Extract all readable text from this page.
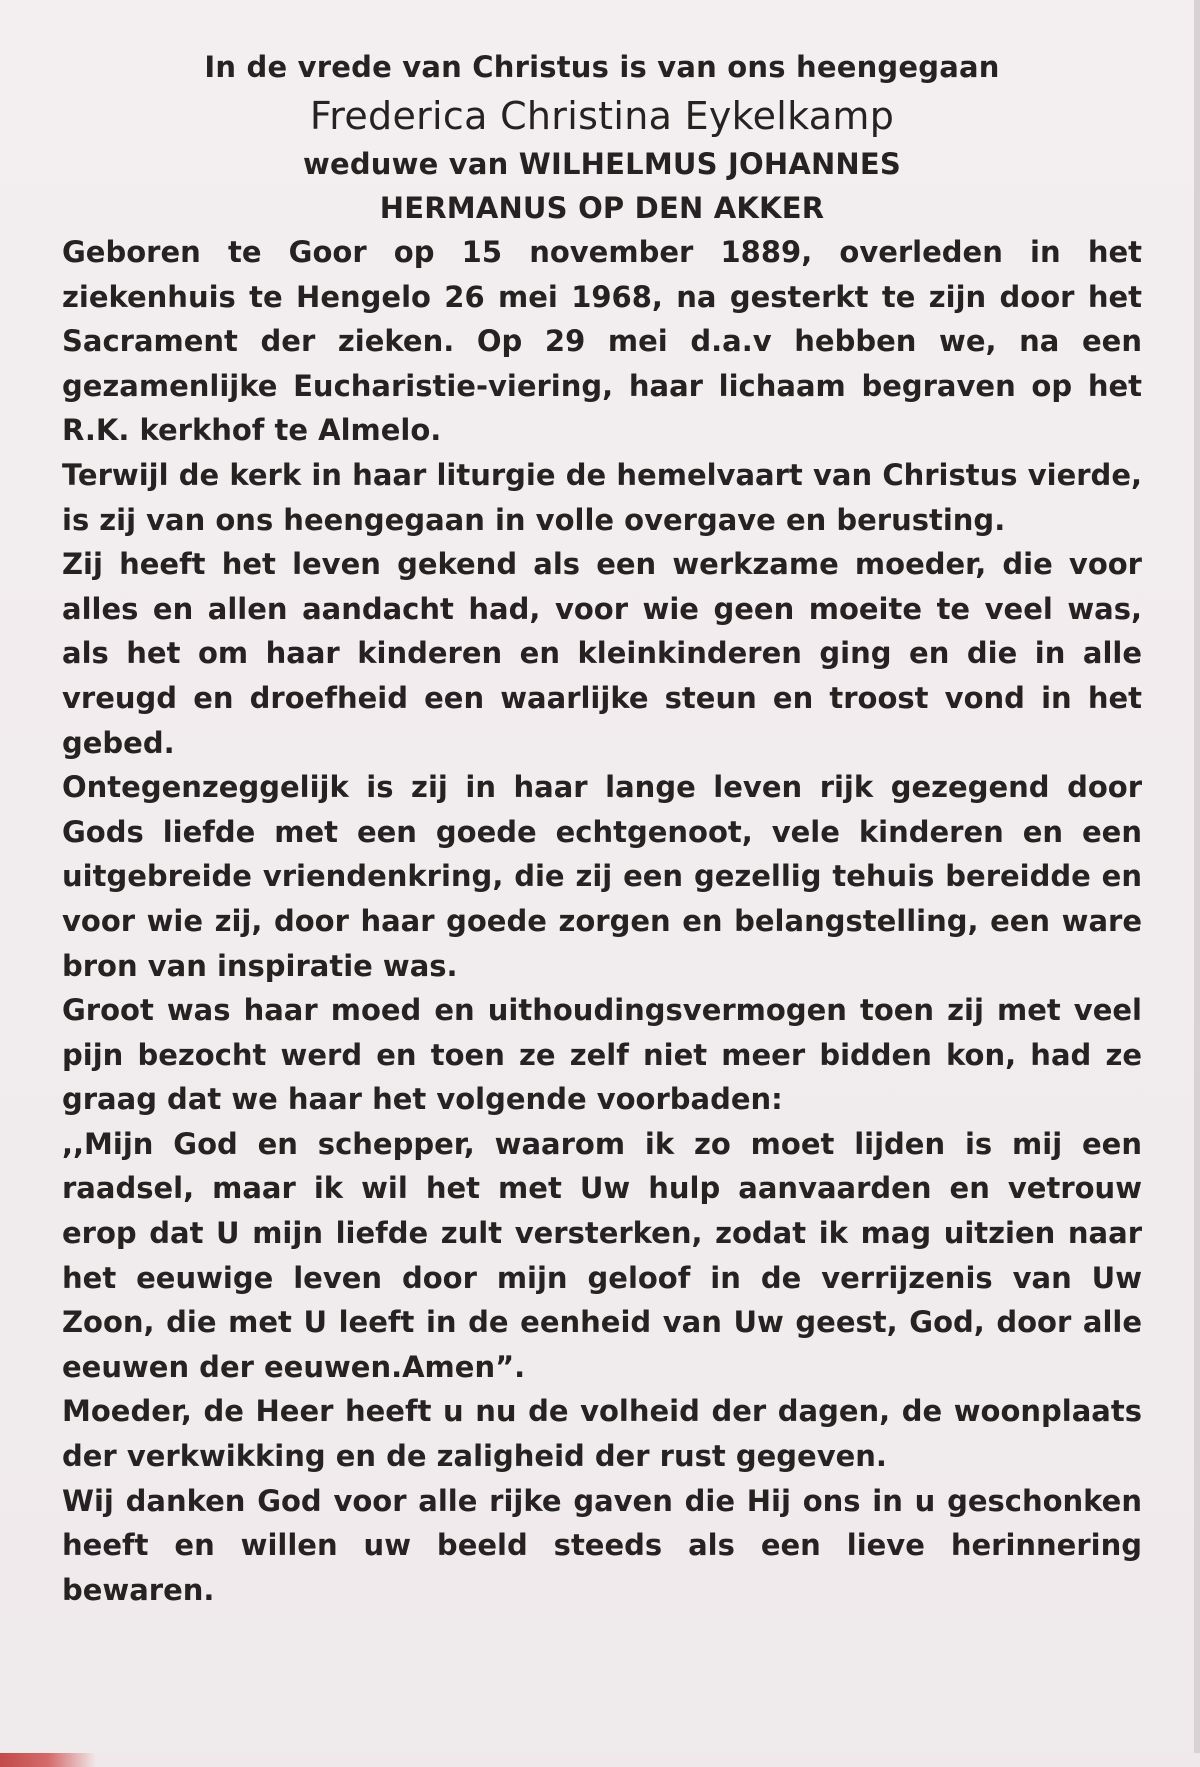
In de vrede van Christus is van ons heengegaan

Frederica Christina Eykelkamp

weduwe van WILHELMUS JOHANNES

HERMANUS OP DEN AKKER

Geboren te Goor op 15 november 1889, overleden in het ziekenhuis te Hengelo 26 mei 1968, na gesterkt te zijn door het Sacrament der zieken. Op 29 mei d.a.v hebben we, na een gezamenlijke Eucharistie-viering, haar lichaam begraven op het R.K. kerkhof te Almelo.

Terwijl de kerk in haar liturgie de hemelvaart van Christus vierde, is zij van ons heengegaan in volle overgave en berusting.

Zij heeft het leven gekend als een werkzame moeder, die voor alles en allen aandacht had, voor wie geen moeite te veel was, als het om haar kinderen en kleinkinderen ging en die in alle vreugd en droefheid een waarlijke steun en troost vond in het gebed.

Ontegenzeggelijk is zij in haar lange leven rijk gezegend door Gods liefde met een goede echtgenoot, vele kinderen en een uitgebreide vriendenkring, die zij een gezellig tehuis bereidde en voor wie zij, door haar goede zorgen en belangstelling, een ware bron van inspiratie was.

Groot was haar moed en uithoudingsvermogen toen zij met veel pijn bezocht werd en toen ze zelf niet meer bidden kon, had ze graag dat we haar het volgende voorbaden:

,,Mijn God en schepper, waarom ik zo moet lijden is mij een raadsel, maar ik wil het met Uw hulp aanvaarden en vetrouw erop dat U mijn liefde zult versterken, zodat ik mag uitzien naar het eeuwige leven door mijn geloof in de verrijzenis van Uw Zoon, die met U leeft in de eenheid van Uw geest, God, door alle eeuwen der eeuwen.Amen”.

Moeder, de Heer heeft u nu de volheid der dagen, de woonplaats der verkwikking en de zaligheid der rust gegeven.

Wij danken God voor alle rijke gaven die Hij ons in u geschonken heeft en willen uw beeld steeds als een lieve herinnering bewaren.
